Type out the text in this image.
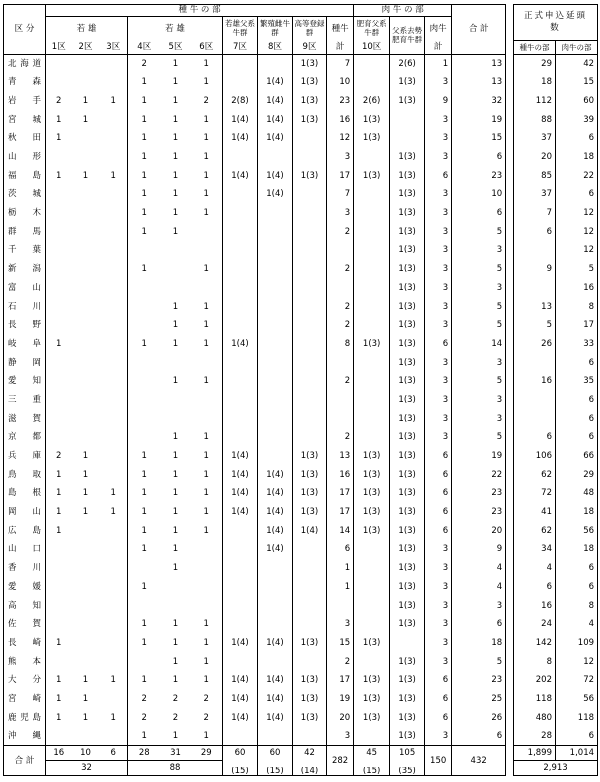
区 分	種 牛 の 部										肉 牛 の 部			合 計
	若 雄			若 雄			若雄父系牛群	繁殖雌牛群	高等登録群	種牛	肥育父系牛群	父系去勢肥育牛群	肉牛	
	1区	2区	3区	4区	5区	6区	7区	8区	9区	計	10区		計	
北海道				2	1	1			1(3)	7		2(6)	1	13
青 森				1	1	1		1(4)	1(3)	10		1(3)	3	13
岩 手	2	1	1	1	1	2	2(8)	1(4)	1(3)	23	2(6)	1(3)	9	32
宮 城	1	1		1	1	1	1(4)	1(4)	1(3)	16	1(3)		3	19
秋 田	1			1	1	1	1(4)	1(4)		12	1(3)		3	15
山 形				1	1	1				3		1(3)	3	6
福 島	1	1	1	1	1	1	1(4)	1(4)	1(3)	17	1(3)	1(3)	6	23
茨 城				1	1	1		1(4)		7		1(3)	3	10
栃 木				1	1	1				3		1(3)	3	6
群 馬				1	1					2		1(3)	3	5
千 葉												1(3)	3	3
新 潟				1		1				2		1(3)	3	5
富 山												1(3)	3	3
石 川					1	1				2		1(3)	3	5
長 野					1	1				2		1(3)	3	5
岐 阜	1			1	1	1	1(4)			8	1(3)	1(3)	6	14
静 岡												1(3)	3	3
愛 知					1	1				2		1(3)	3	5
三 重												1(3)	3	3
滋 賀												1(3)	3	3
京 都					1	1				2		1(3)	3	5
兵 庫	2	1		1	1	1	1(4)		1(3)	13	1(3)	1(3)	6	19
鳥 取	1	1		1	1	1	1(4)	1(4)	1(3)	16	1(3)	1(3)	6	22
島 根	1	1	1	1	1	1	1(4)	1(4)	1(3)	17	1(3)	1(3)	6	23
岡 山	1	1	1	1	1	1	1(4)	1(4)	1(3)	17	1(3)	1(3)	6	23
広 島	1			1	1	1		1(4)	1(4)	14	1(3)	1(3)	6	20
山 口				1	1			1(4)		6		1(3)	3	9
香 川					1					1		1(3)	3	4
愛 媛				1						1		1(3)	3	4
高 知												1(3)	3	3
佐 賀				1	1	1				3		1(3)	3	6
長 崎	1			1	1	1	1(4)	1(4)	1(3)	15	1(3)		3	18
熊 本					1	1				2		1(3)	3	5
大 分	1	1	1	1	1	1	1(4)	1(4)	1(3)	17	1(3)	1(3)	6	23
宮 崎	1	1		2	2	2	1(4)	1(4)	1(3)	19	1(3)	1(3)	6	25
鹿児島	1	1	1	2	2	2	1(4)	1(4)	1(3)	20	1(3)	1(3)	6	26
沖 縄				1	1	1				3		1(3)	3	6
合 計	16	10	6	28	31	29	60	60	42	282	45	105	150	432
	32			88										
							(15)	(15)	(14)		(15)	(35)		
正式申込延頭数	
種牛の部	肉牛の部
29	42
18	15
112	60
88	39
37	6
20	18
85	22
37	6
7	12
6	12
	12
9	5
	16
13	8
5	17
26	33
	6
16	35
	6
	6
6	6
106	66
62	29
72	48
41	18
62	56
34	18
4	6
6	6
16	8
24	4
142	109
8	12
202	72
118	56
480	118
28	6
1,899	1,014
2,913	
